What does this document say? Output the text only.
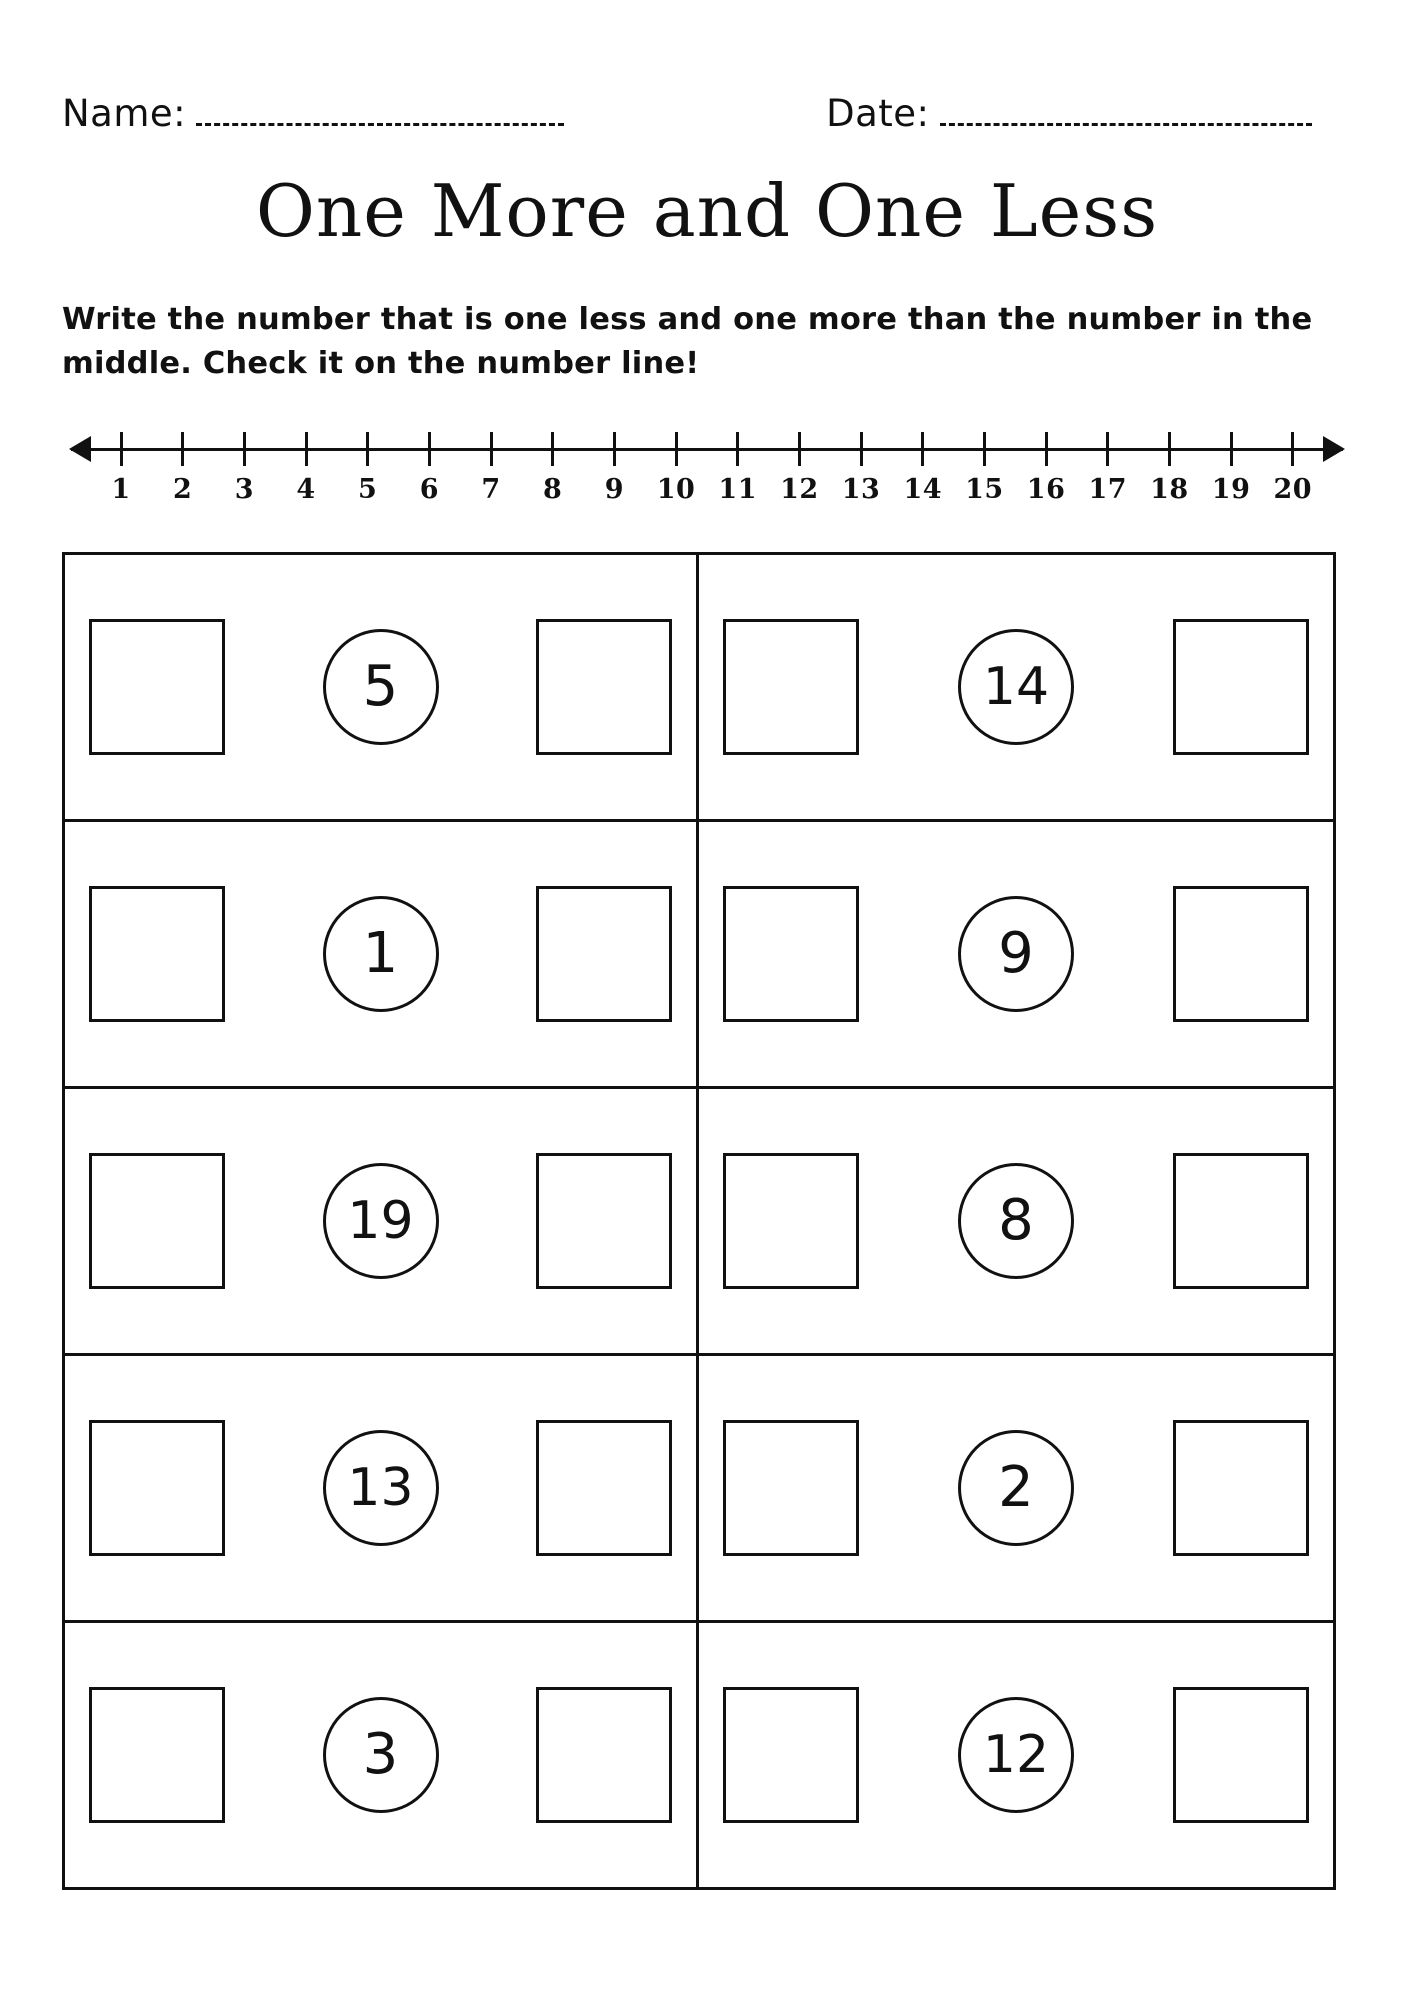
Name:	Date:
One More and One Less

Write the number that is one less and one more than the number in the middle. Check it on the number line!

1	2	3	4	5	6	7	8	9	10 11 12 13 14 15 16 17 18 19 20
5	14
1	9
19	8
13	2
3	12
